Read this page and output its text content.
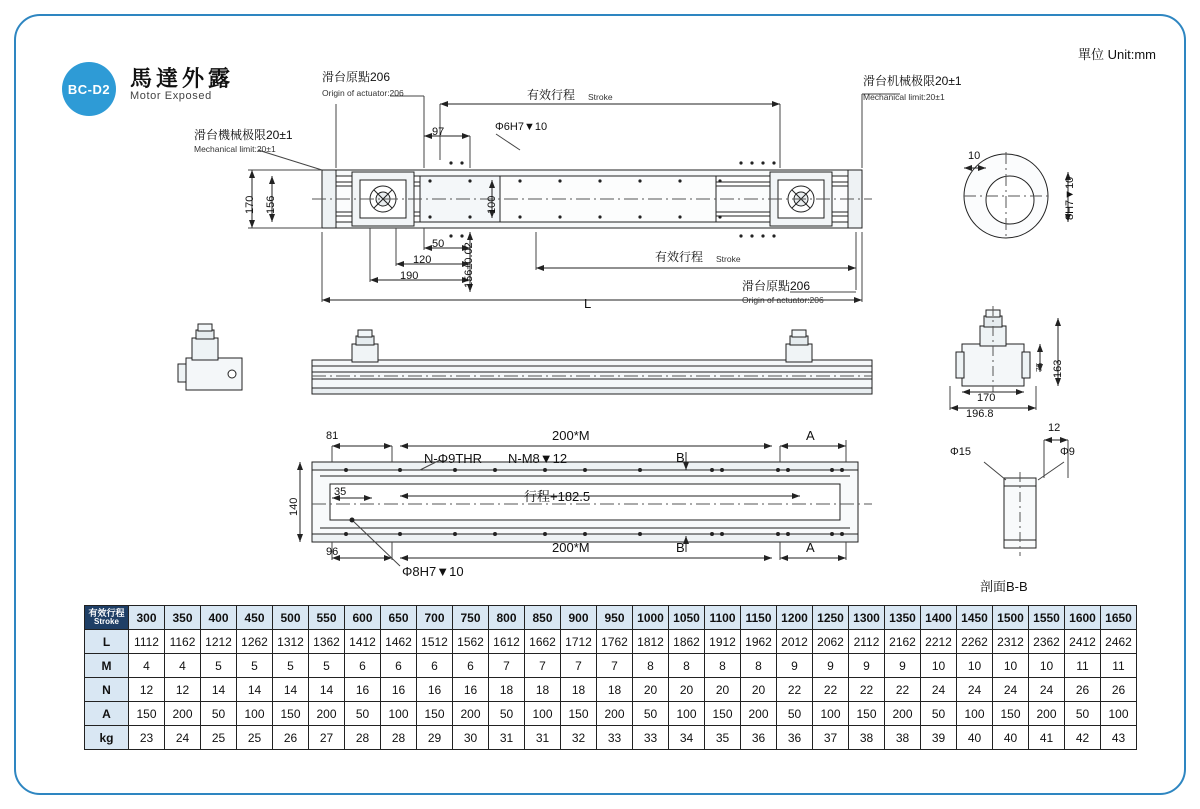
單位 Unit:mm
BC-D2 馬達外露
Motor Exposed
滑台原點206
Origin of actuator:206	有效行程 Stroke
滑台机械极限20±1
Mechanical limit:20±1
滑台機械极限20±1
Mechanical limit:20±1
97	Φ6H7▼10
170 156	100
156±0.02
50
120
190
有效行程 Stroke
滑台原點206
Origin of actuator:206
L
10
8H7▼10
163
75
170
196.8
12
Φ15	Φ9
剖面B-B
81	200*M	A
B
N-Φ9THR N-M8▼12
行程+182.5
140
35
96	200*M	B	A
Φ8H7▼10
有效行程
Stroke	300	350	400	450	500	550	600	650	700	750	800	850	900	950	1000	1050	1100	1150	1200	1250	1300	1350	1400	1450	1500	1550	1600	1650
L	1112	1162	1212	1262	1312	1362	1412	1462	1512	1562	1612	1662	1712	1762	1812	1862	1912	1962	2012	2062	2112	2162	2212	2262	2312	2362	2412	2462
M	4	4	5	5	5	5	6	6	6	6	7	7	7	7	8	8	8	8	9	9	9	9	10	10	10	10	11	11
N	12	12	14	14	14	14	16	16	16	16	18	18	18	18	20	20	20	20	22	22	22	22	24	24	24	24	26	26
A	150	200	50	100	150	200	50	100	150	200	50	100	150	200	50	100	150	200	50	100	150	200	50	100	150	200	50	100
kg	23	24	25	25	26	27	28	28	29	30	31	31	32	33	33	34	35	36	36	37	38	38	39	40	40	41	42	43
